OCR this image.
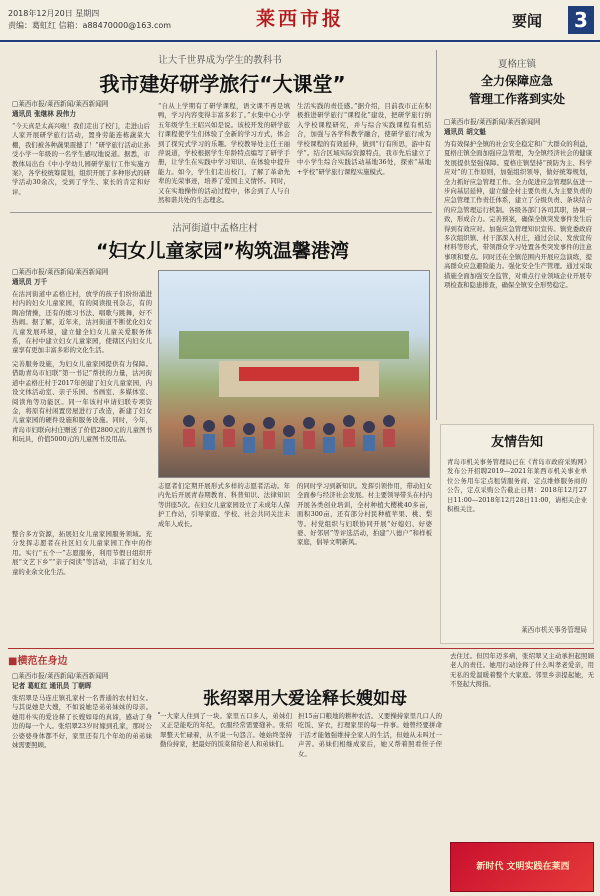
2018年12月20日 星期四
责编：葛虹红 信箱：a88470000@163.com	莱西市报	要闻	3
让大千世界成为学生的教科书
我市建好研学旅行“大课堂”
□莱西市报/莱西新闻/莱西新闻网
通讯员 张继林 段伟力
“今天真是太高兴啦！我们走出了校门，走进山后人家开展研学旅行活动，置身劳能连栋蔬菜大棚，我们被各种蔬果震撼了！”研学旅行活动让孙受小学一年级的一名学生感叹地说道。据悉，市教体局出台《中小学幼儿园研学旅行工作实施方案》，各学校统筹谋划，组织开展了多种形式的研学活动30余次，受到了学生、家长的肯定和好评。
“自从上学期有了研学课程，语文课不再是填鸭，学习内容变得丰富多彩了。”水集中心小学五年级学生王昭兴如是说。该校开发的研学旅行课程使学生们体验了全新的学习方式，体会到了探究式学习的乐趣。学校教导处主任王丽萍说道，学校根据学生年龄特点编写了研学手册，让学生在实践中学习知识、在体验中提升能力。如今，学生们走出校门，了解了革命先辈的光荣事迹，培养了爱国主义情怀。同时，又在实地操作的活动过程中，体会到了人与自然和谐共处的生态理念。
生活实践的责任感。”据介绍，目前我市正在积极推进研学旅行“课程化”建设，把研学旅行纳入学校课程研究，并与综合实践课程有机结合，加强与各学科教学融合，使研学旅行成为学校课程的有效延伸，做到“行有所思，游中有学”。结合区域实际资源特点，我市先后建立了中小学生综合实践活动基地36处，探索“基地+学校”研学旅行课程实施模式。
夏格庄镇
全力保障应急
管理工作落到实处
□莱西市报/莱西新闻/莱西新闻网
通讯员 胡文魁
为有效保护全镇的社会安全稳定和广大群众的利益，夏格庄镇全面加强应急管理，为全镇经济社会的健康发展提供坚强保障。夏格庄镇坚持“预防为主、科学应对”的工作原则，加强组织领导，做好统筹规划，全力抓好应急管理工作。全力促进应急管理队伍进一步向基层延伸，建立健全村主要负责人为主要负责的应急管理工作责任体系，建立了分级负责、条块结合的应急管理运行机制。各级各部门各司其职，协调一致，形成合力。完善预案，确保全镇突发事件发生后得到有效应对。加强应急管理知识宣传。镇党委政府多次组织镇、村干部深入村庄，通过会议、发放宣传材料等形式，带领群众学习处置各类突发事件的注意事项和要点。同时还在全镇范围内开展应急演练，提高群众应急避险能力。强化安全生产管理。通过采取措施全面加强安全监管，对重点行业领域企业开展专项检查和隐患排查，确保全镇安全形势稳定。
沽河街道中孟格庄村
“妇女儿童家园”构筑温馨港湾
□莱西市报/莱西新闻/莱西新闻网
通讯员 万千
在沽河街道中孟格庄村，放学的孩子们纷纷涌进村内的妇女儿童家园，有的阅读报刊杂志，有的陶冶情操，还有的练习书法、唱歌与跳舞，好不热闹。据了解，近年来，沽河街道不断优化妇女儿童发展环境，建立健全妇女儿童关爱服务体系，在村中建立妇女儿童家园，使辖区内妇女儿童享有更加丰富多彩的文化生活。
完善服务设施，为妇女儿童家园提供有力保障。借助青岛市妇联“第一书记”帮扶的力量，沽河街道中孟格庄村于2017年创建了妇女儿童家园，内设文体活动室、亲子乐园、书画室、多媒体室、阅读角等功能区。同一年该村申请妇联专项资金，将原有村闲置房屋进行了改造，新建了妇女儿童家园的硬件设施和服务设施。同时，今年，青岛市妇联向村庄赠送了价值2800元的儿童图书和玩具，价值5000元的儿童图书及用品。
整合多方资源，拓展妇女儿童家园服务领域。充分发挥志愿者在社区妇女儿童家园工作中的作用。实行“五个一”志愿服务，利用节假日组织开展“文艺下乡”“亲子阅读”等活动，丰富了妇女儿童的业余文化生活。
志愿者们定期开展形式多样的志愿者活动。年内先后开展青春期教育、科普知识、法律知识等讲座5次。在妇女儿童家园设立了未成年人保护工作站，引导家庭、学校、社会共同关注未成年人成长。
的同时学习到新知识。发挥引领作用，带动妇女全面参与经济社会发展。村主要领导带头在村内开展各类创业培训，全村种植大樱桃40多亩，面积300亩，还有部分村民种植苹果、桃、梨等。村党组织与妇联协同开展“好媳妇、好婆婆、好邻居”等评选活动，拍建“八德户”和样板家庭，倡导文明新风。
友情告知
青岛市机关事务管理局已在《青岛市政府采购网》发布公开招聘2019—2021年莱西市机关事业单位公务用车定点租赁服务商、定点维修服务商的公告，定点采购公告截止日期：2018年12月27日11:00—2018年12月28日11:00，请相关企业积极关注。
莱西市机关事务管理局
■横范在身边
□莱西市报/莱西新闻/莱西新闻网
记者 葛虹红 通讯员 丁朝晖
张绍翠用大爱诠释长嫂如母
张绍翠是马连庄镇孔家村一名普通的农村妇女。与其说她是大嫂，不如说她是弟弟妹妹的母亲。她用朴实的爱诠释了长嫂如母的真谛，感动了身边的每一个人。张绍翠23岁时嫁到孔家，那时公公婆婆身体都不好，家里还有几个年幼的弟弟妹妹需要照顾。
一大家人住到了一块。家里五口多人，弟妹们又正是能吃的年纪，衣服经常需要缝补。张绍翠整天忙碌着，从不说一句怨言。她始终坚持勤俭持家，把最好的饭菜留给老人和弟妹们。
担15亩口粮地的耕种农活。又要操持家里几口人的吃饭、穿衣，打理家里的每一件事。她曾经要拼命干活才能勉强维持全家人的生活，但她从未叫过一声苦。弟妹们相继成家后，她又帮着照看侄子侄女。
去住过。但因年迈多病，张绍翠又主动承担起照顾老人的责任。她用行动诠释了什么叫孝老爱亲，用无私的爱温暖着整个大家庭。邻里乡亲提起她，无不竖起大拇指。
新时代 文明实践在莱西
